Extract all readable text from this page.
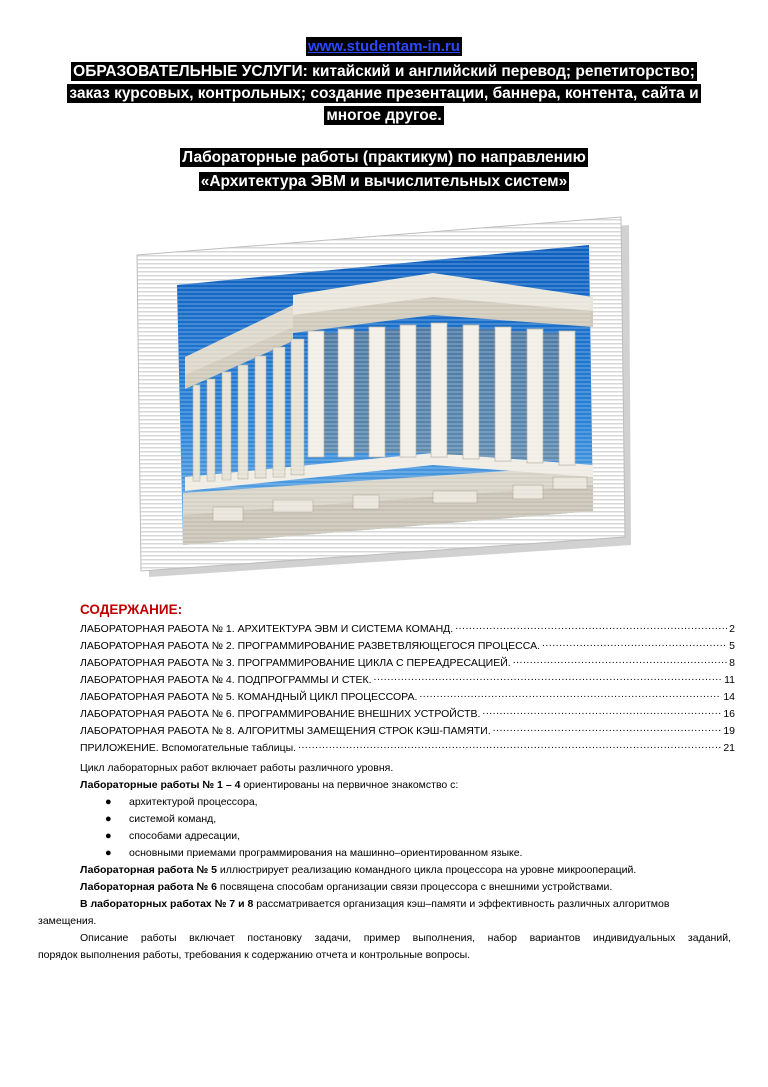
www.studentam-in.ru
ОБРАЗОВАТЕЛЬНЫЕ УСЛУГИ: китайский и английский перевод; репетиторство;
заказ курсовых, контрольных; создание презентации, баннера, контента, сайта и
многое другое.
Лабораторные работы (практикум) по направлению
«Архитектура ЭВМ и вычислительных систем»
СОДЕРЖАНИЕ:
ЛАБОРАТОРНАЯ РАБОТА № 1. АРХИТЕКТУРА ЭВМ И СИСТЕМА КОМАНД. .....	2
ЛАБОРАТОРНАЯ РАБОТА № 2. ПРОГРАММИРОВАНИЕ РАЗВЕТВЛЯЮЩЕГОСЯ ПРОЦЕССА. .....	5
ЛАБОРАТОРНАЯ РАБОТА № 3. ПРОГРАММИРОВАНИЕ ЦИКЛА С ПЕРЕАДРЕСАЦИЕЙ. .....	8
ЛАБОРАТОРНАЯ РАБОТА № 4. ПОДПРОГРАММЫ И СТЕК. .....	11
ЛАБОРАТОРНАЯ РАБОТА № 5. КОМАНДНЫЙ ЦИКЛ ПРОЦЕССОРА. .....	14
ЛАБОРАТОРНАЯ РАБОТА № 6. ПРОГРАММИРОВАНИЕ ВНЕШНИХ УСТРОЙСТВ. .....	16
ЛАБОРАТОРНАЯ РАБОТА № 8. АЛГОРИТМЫ ЗАМЕЩЕНИЯ СТРОК КЭШ-ПАМЯТИ. .....	19
ПРИЛОЖЕНИЕ. Вспомогательные таблицы. .....	21
Цикл лабораторных работ включает работы различного уровня.
Лабораторные работы № 1 – 4 ориентированы на первичное знакомство с:
● архитектурой процессора,
● системой команд,
● способами адресации,
● основными приемами программирования на машинно–ориентированном языке.
Лабораторная работа № 5 иллюстрирует реализацию командного цикла процессора на уровне микроопераций.
Лабораторная работа № 6 посвящена способам организации связи процессора с внешними устройствами.
В лабораторных работах № 7 и 8 рассматривается организация кэш–памяти и эффективность различных алгоритмов
замещения.
Описание работы включает постановку задачи, пример выполнения, набор вариантов индивидуальных заданий,
порядок выполнения работы, требования к содержанию отчета и контрольные вопросы.
